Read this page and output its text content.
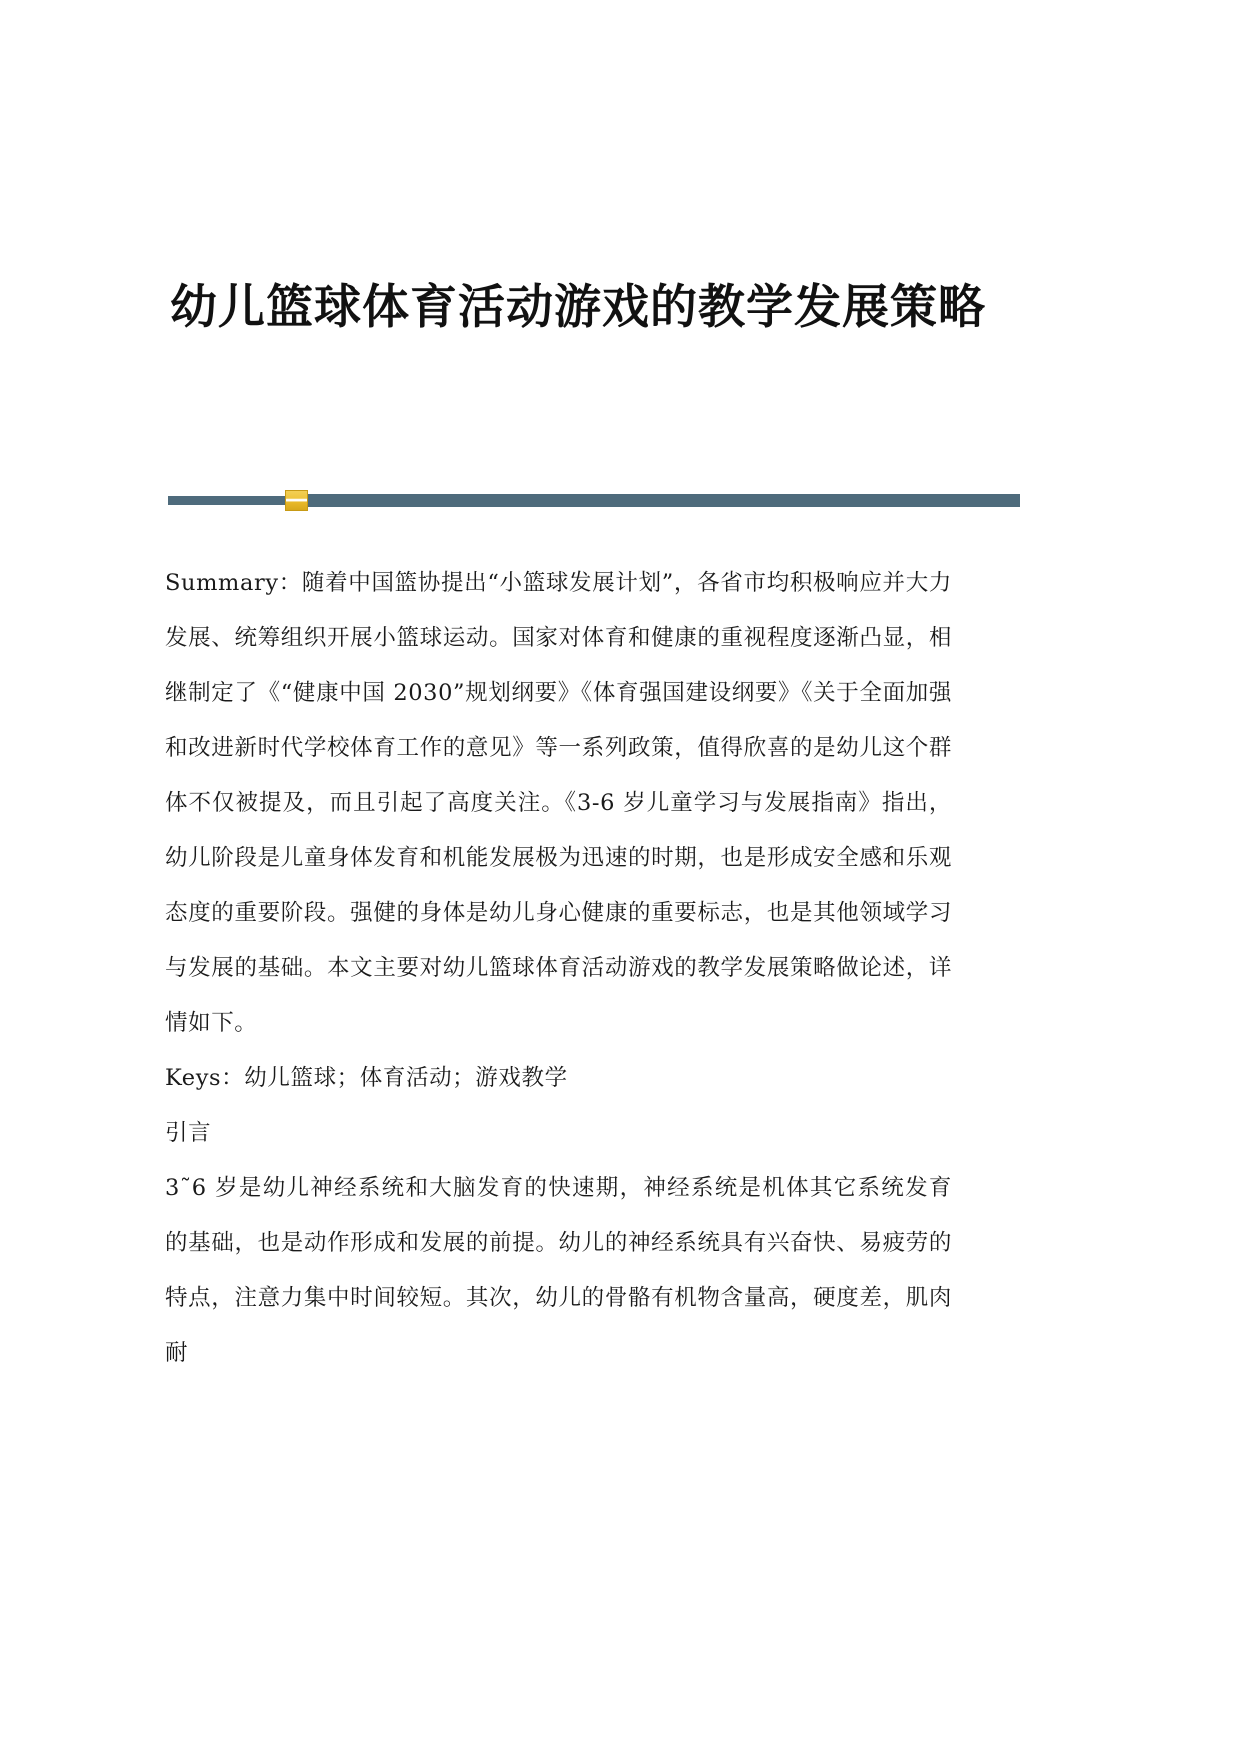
幼儿篮球体育活动游戏的教学发展策略

Summary：随着中国篮协提出“小篮球发展计划”，各省市均积极响应并大力发展、统筹组织开展小篮球运动。国家对体育和健康的重视程度逐渐凸显，相继制定了《“健康中国 2030”规划纲要》《体育强国建设纲要》《关于全面加强和改进新时代学校体育工作的意见》等一系列政策，值得欣喜的是幼儿这个群体不仅被提及，而且引起了高度关注。《3-6 岁儿童学习与发展指南》指出，幼儿阶段是儿童身体发育和机能发展极为迅速的时期，也是形成安全感和乐观态度的重要阶段。强健的身体是幼儿身心健康的重要标志，也是其他领域学习与发展的基础。本文主要对幼儿篮球体育活动游戏的教学发展策略做论述，详情如下。

Keys：幼儿篮球；体育活动；游戏教学

引言

3˜6 岁是幼儿神经系统和大脑发育的快速期，神经系统是机体其它系统发育的基础，也是动作形成和发展的前提。幼儿的神经系统具有兴奋快、易疲劳的特点，注意力集中时间较短。其次，幼儿的骨骼有机物含量高，硬度差，肌肉耐
